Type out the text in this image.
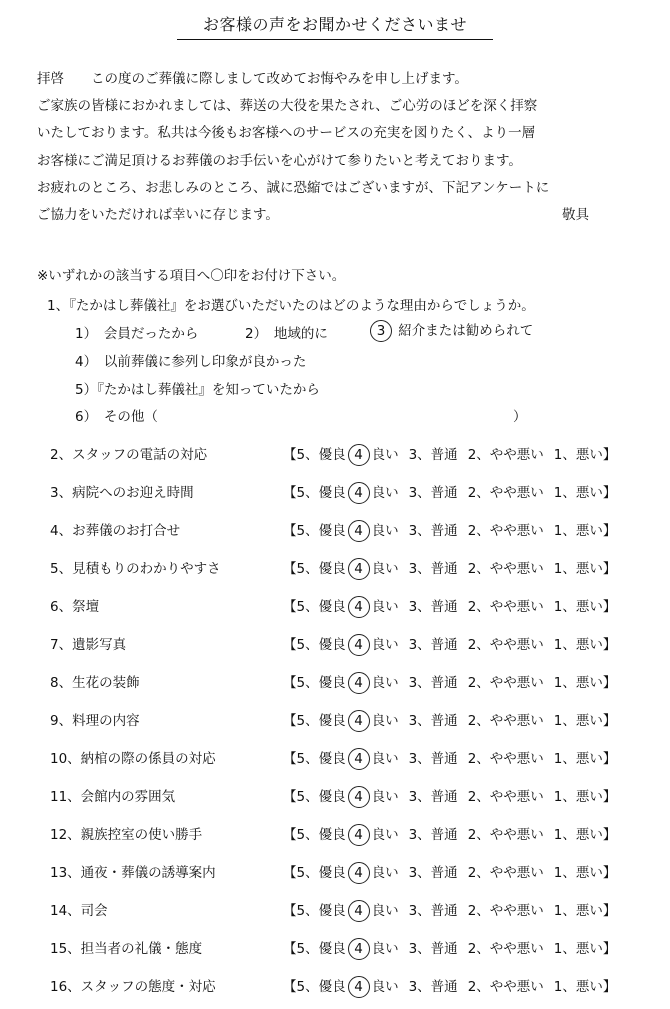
お客様の声をお聞かせくださいませ
拝啓　　この度のご葬儀に際しまして改めてお悔やみを申し上げます。
ご家族の皆様におかれましては、葬送の大役を果たされ、ご心労のほどを深く拝察
いたしております。私共は今後もお客様へのサービスの充実を図りたく、より一層
お客様にご満足頂けるお葬儀のお手伝いを心がけて参りたいと考えております。
お疲れのところ、お悲しみのところ、誠に恐縮ではございますが、下記アンケートに
ご協力をいただければ幸いに存じます。	敬具
※いずれかの該当する項目へ〇印をお付け下さい。
1、『たかはし葬儀社』をお選びいただいたのはどのような理由からでしょうか。
1）　会員だったから	2）　地域的に	3 紹介または勧められて
4）　以前葬儀に参列し印象が良かった
5）『たかはし葬儀社』を知っていたから
6）　その他（	）
2、スタッフの電話の対応	【5、優良 4 良い 3、普通 2、やや悪い 1、悪い】
3、病院へのお迎え時間	【5、優良 4 良い 3、普通 2、やや悪い 1、悪い】
4、お葬儀のお打合せ	【5、優良 4 良い 3、普通 2、やや悪い 1、悪い】
5、見積もりのわかりやすさ	【5、優良 4 良い 3、普通 2、やや悪い 1、悪い】
6、祭壇	【5、優良 4 良い 3、普通 2、やや悪い 1、悪い】
7、遺影写真	【5、優良 4 良い 3、普通 2、やや悪い 1、悪い】
8、生花の装飾	【5、優良 4 良い 3、普通 2、やや悪い 1、悪い】
9、料理の内容	【5、優良 4 良い 3、普通 2、やや悪い 1、悪い】
10、納棺の際の係員の対応	【5、優良 4 良い 3、普通 2、やや悪い 1、悪い】
11、会館内の雰囲気	【5、優良 4 良い 3、普通 2、やや悪い 1、悪い】
12、親族控室の使い勝手	【5、優良 4 良い 3、普通 2、やや悪い 1、悪い】
13、通夜・葬儀の誘導案内	【5、優良 4 良い 3、普通 2、やや悪い 1、悪い】
14、司会	【5、優良 4 良い 3、普通 2、やや悪い 1、悪い】
15、担当者の礼儀・態度	【5、優良 4 良い 3、普通 2、やや悪い 1、悪い】
16、スタッフの態度・対応	【5、優良 4 良い 3、普通 2、やや悪い 1、悪い】
